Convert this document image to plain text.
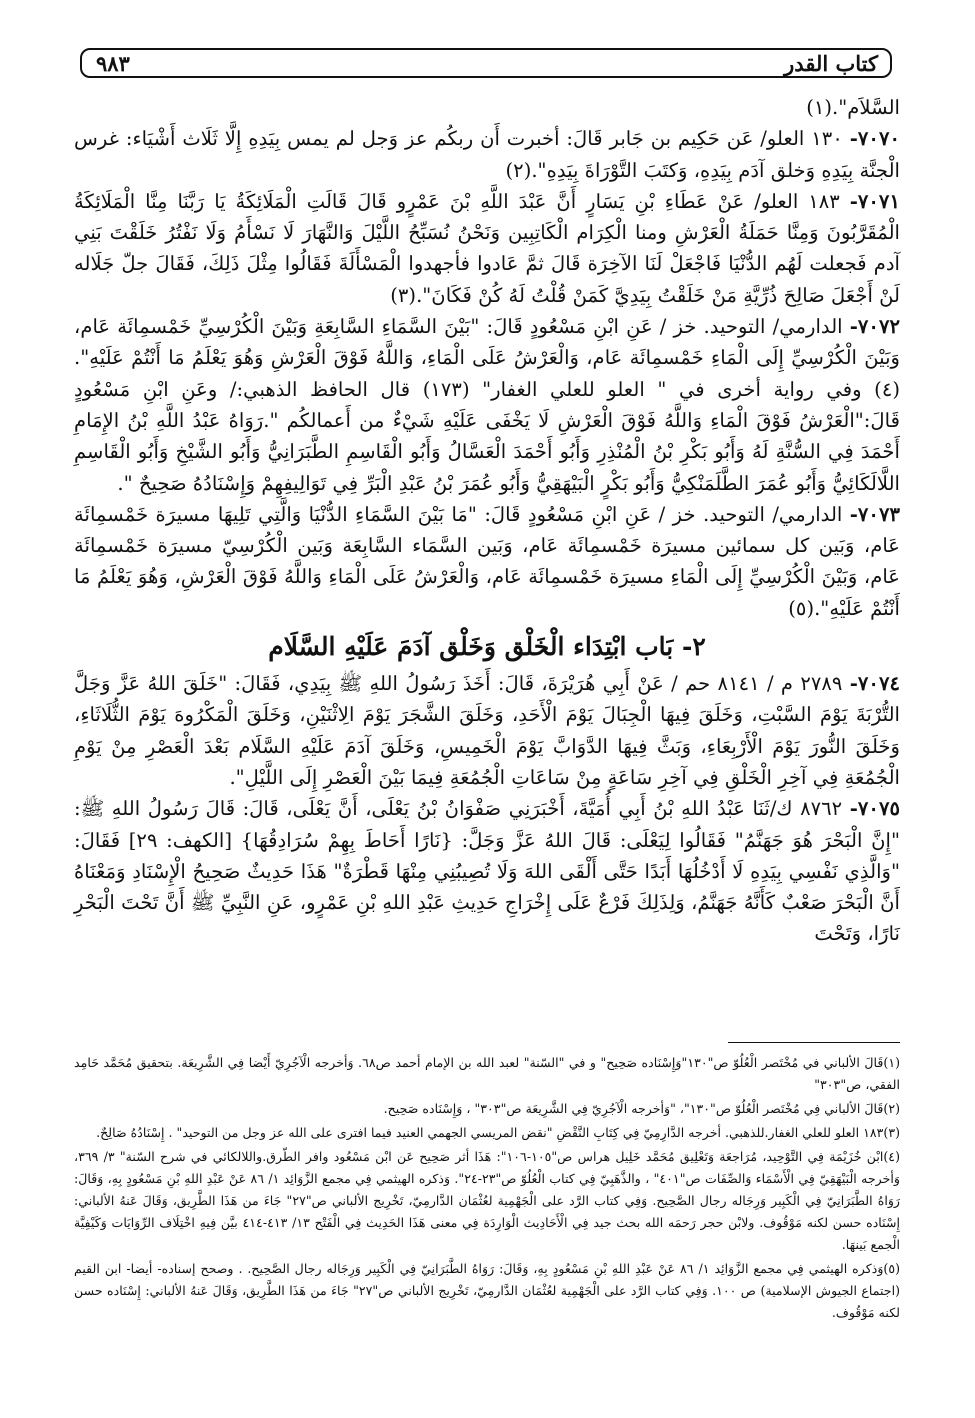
كتاب القدر
٩٨٣

السَّلاَم".(١)

٧٠٧٠- ١٣٠ العلو/ عَن حَكِيم بن جَابر قَالَ: أخبرت أَن ربكُم عز وَجل لم يمس بِيَدِهِ إِلَّا ثَلَاث أَشْيَاء: غرس الْجنَّة بِيَدِهِ وَخلق آدَم بِيَدِهِ، وَكتَبَ التَّوْرَاةَ بِيَدِهِ".(٢)

٧٠٧١- ١٨٣ العلو/ عَنْ عَطَاءِ بْنِ يَسَارٍ أَنَّ عَبْدَ اللَّهِ بْنَ عَمْرٍو قَالَ قَالَتِ الْمَلَائِكَةُ يَا رَبَّنَا مِنَّا الْمَلَائِكَةُ الْمُقَرَّبُونَ وَمِنَّا حَمَلَةُ الْعَرْشِ ومنا الْكِرَام الْكَاتِبِين وَنَحْنُ نُسَبِّحُ اللَّيْلَ وَالنَّهَارَ لَا نَسْأَمُ وَلَا نَفْتُرُ خَلَقْتَ بَنِي آدم فَجعلت لَهُم الدُّنْيَا فَاجْعَلْ لَنَا الآخِرَة قَالَ ثمَّ عَادوا فأجهدوا الْمَسْأَلَةَ فَقَالُوا مِثْلَ ذَلِكَ، فَقَالَ جلّ جَلَاله لَنْ أَجْعَلَ صَالِحَ ذُرِّيَّةِ مَنْ خَلَقْتُ بِيَدِيَّ كَمَنْ قُلْتُ لَهُ كُنْ فَكَانَ".(٣)

٧٠٧٢- الدارمي/ التوحيد. خز / عَنِ ابْنِ مَسْعُودٍ قَالَ: "بَيْنَ السَّمَاءِ السَّابِعَةِ وَبَيْنَ الْكُرْسِيِّ خَمْسمِائَة عَام، وَبَيْنَ الْكُرْسِيِّ إِلَى الْمَاءِ خَمْسمِائَة عَام، وَالْعَرْشُ عَلَى الْمَاءِ، وَاللَّهُ فَوْقَ الْعَرْشِ وَهُوَ يَعْلَمُ مَا أَنْتُمْ عَلَيْهِ".(٤) وفي رواية أخرى في " العلو للعلي الغفار" (١٧٣) قال الحافظ الذهبي:/ وعَنِ ابْنِ مَسْعُودٍ قَالَ:"الْعَرْشُ فَوْقَ الْمَاءِ وَاللَّهُ فَوْقَ الْعَرْشِ لَا يَخْفَى عَلَيْهِ شَيْءٌ من أَعمالكُم ".رَوَاهُ عَبْدُ اللَّهِ بْنُ الإِمَامِ أَحْمَدَ فِي السُّنَّةِ لَهُ وَأَبُو بَكْرِ بْنُ الْمُنْذِرِ وَأَبُو أَحْمَدَ الْعَسَّالُ وَأَبُو الْقَاسِمِ الطَّبَرَانِيُّ وَأَبُو الشَّيْخِ وَأَبُو الْقَاسِمِ اللَّالَكَائِيُّ وَأَبُو عُمَرَ الطَّلَمَنْكِيُّ وَأَبُو بَكْرٍ الْبَيْهَقِيُّ وَأَبُو عُمَرَ بْنُ عَبْدِ الْبَرِّ فِي تَوَالِيفِهِمْ وَإِسْنَادُهُ صَحِيحٌ ".

٧٠٧٣- الدارمي/ التوحيد. خز / عَنِ ابْنِ مَسْعُودٍ قَالَ: "مَا بَيْنَ السَّمَاءِ الدُّنْيَا وَالَّتِي تَلِيهَا مسيرَة خَمْسمِائَة عَام، وَبَين كل سمائين مسيرَة خَمْسمِائَة عَام، وَبَين السَّمَاء السَّابِعَة وَبَين الْكُرْسِيّ مسيرَة خَمْسمِائَة عَام، وَبَيْنَ الْكُرْسِيِّ إِلَى الْمَاءِ مسيرَة خَمْسمِائَة عَام، وَالْعَرْشُ عَلَى الْمَاءِ وَاللَّهُ فَوْقَ الْعَرْشِ، وَهُوَ يَعْلَمُ مَا أَنْتُمْ عَلَيْهِ".(٥)

٢- بَاب ابْتِدَاء الْخَلْق وَخَلْق آدَمَ عَلَيْهِ السَّلَام

٧٠٧٤- ٢٧٨٩ م / ٨١٤١ حم / عَنْ أَبِي هُرَيْرَةَ، قَالَ: أَخَذَ رَسُولُ اللهِ ﷺ بِيَدِي، فَقَالَ: "خَلَقَ اللهُ عَزَّ وَجَلَّ التُّرْبَةَ يَوْمَ السَّبْتِ، وَخَلَقَ فِيهَا الْجِبَالَ يَوْمَ الْأَحَدِ، وَخَلَقَ الشَّجَرَ يَوْمَ الِاثْنَيْنِ، وَخَلَقَ الْمَكْرُوهَ يَوْمَ الثُّلَاثَاءِ، وَخَلَقَ النُّورَ يَوْمَ الْأَرْبِعَاءِ، وَبَثَّ فِيهَا الدَّوَابَّ يَوْمَ الْخَمِيسِ، وَخَلَقَ آدَمَ عَلَيْهِ السَّلَام بَعْدَ الْعَصْرِ مِنْ يَوْمِ الْجُمُعَةِ فِي آخِرِ الْخَلْقِ فِي آخِرِ سَاعَةٍ مِنْ سَاعَاتِ الْجُمُعَةِ فِيمَا بَيْنَ الْعَصْرِ إِلَى اللَّيْلِ".

٧٠٧٥- ٨٧٦٢ ك/ثَنَا عَبْدُ اللهِ بْنُ أَبِي أُمَيَّةَ، أَخْبَرَنِي صَفْوَانُ بْنُ يَعْلَى، أَنَّ يَعْلَى، قَالَ: قَالَ رَسُولُ اللهِ ﷺ: "إِنَّ الْبَحْرَ هُوَ جَهَنَّمُ" فَقَالُوا لِيَعْلَى: قَالَ اللهُ عَزَّ وَجَلَّ: {نَارًا أَحَاطَ بِهِمْ سُرَادِقُهَا} [الكهف: ٢٩] فَقَالَ: "وَالَّذِي نَفْسِي بِيَدِهِ لَا أَدْخُلُهَا أَبَدًا حَتَّى أَلْقَى اللهَ وَلَا تُصِيبُنِي مِنْهَا قَطْرَةٌ" هَذَا حَدِيثٌ صَحِيحُ الْإِسْنَادِ وَمَعْنَاهُ أَنَّ الْبَحْرَ صَعْبٌ كَأَنَّهُ جَهَنَّمُ، وَلِذَلِكَ فَرْعٌ عَلَى إِخْرَاجِ حَدِيثِ عَبْدِ اللهِ بْنِ عَمْرٍو، عَنِ النَّبِيِّ ﷺ أَنَّ تَحْتَ الْبَحْرِ نَارًا، وَتَحْتَ

(١)قَالَ الألباني في مُخْتَصر الْعُلُوّ ص"١٣٠"وَإِسْنَاده صَحِيح" و في "السّنة" لعبد الله بن الإمام أحمد ص٦٨. وَأخرجه الْآجُرِيّ أَيْضا فِي الشَّرِيعَة. بتحقيق مُحَمَّد حَامِد الفقي، ص"٣٠٣"

(٢)قَالَ الألباني فِي مُخْتَصر الْعُلُوّ ص"١٣٠"، "وَأخرجه الْآجُرِيّ فِي الشَّرِيعَة ص"٣٠٣" ، وَإِسْنَاده صَحِيح.

(٣)١٨٣ العلو للعلي الغفار.للذهبي. أخرجه الدَّارِمِيّ فِي كِتَابِ النَّقْضِ "نقض المريسي الجهمي العنيد فيما افترى على الله عز وجل من التوحيد" . إِسْنَادُهُ صَالِحٌ.

(٤)ابْن خُزَيْمَة فِي التَّوْحِيد، مُرَاجعَة وَتَعْلِيق مُحَمَّد خَلِيل هراس ص"١٠٥-١٠٦": هَذَا أثر صَحِيح عَن ابْن مَسْعُود وافر الطّرق.واللالكائي في شرح السّنة" ٣/ ٣٦٩، وَأخرجه الْبَيْهَقِيّ فِي الْأَسْمَاء وَالصِّفَات ص"٤٠١" ، والذَّهَبِيّ فِي كتاب الْعُلُوّ ص"٢٣-٢٤". وَذكره الهيثمي فِي مجمع الزَّوَائِد ١/ ٨٦ عَنْ عَبْدِ اللهِ بْنِ مَسْعُودٍ بِهِ، وَقَالَ: رَوَاهُ الطَّبَرَانِيّ فِي الْكَبِير وَرِجَاله رجال الصَّحِيح. وَفِي كتاب الرَّد على الْجَهْمِية لعُثْمَان الدَّارمِيّ، تَخْرِيج الألباني ص"٢٧" جَاءَ من هَذَا الطَّرِيق، وَقَالَ عَنهُ الألباني: إِسْنَاده حسن لكنه مَوْقُوف. ولابْن حجر رَحمَه الله بحث جيد فِي الْأَحَادِيث الْوَارِدَة فِي معنى هَذَا الحَدِيث فِي الْفَتْح ١٣/ ٤١٣-٤١٤ بيَّن فِيهِ اخْتِلَاف الرِّوَايَات وَكَيْفِيَّة الْجمع بَينهَا.

(٥)وَذكره الهيثمي فِي مجمع الزَّوَائِد ١/ ٨٦ عَنْ عَبْدِ اللهِ بْنِ مَسْعُودٍ بِهِ، وَقَالَ: رَوَاهُ الطَّبَرَانِيّ فِي الْكَبِير وَرِجَاله رجال الصَّحِيح. . وصحح إسناده- أيضا- ابن القيم (اجتماع الجيوش الإسلامية) ص ١٠٠. وَفِي كتاب الرَّد على الْجَهْمِية لعُثْمَان الدَّارمِيّ، تَخْرِيج الألباني ص"٢٧" جَاءَ من هَذَا الطَّرِيق، وَقَالَ عَنهُ الألباني: إِسْنَاده حسن لكنه مَوْقُوف.
